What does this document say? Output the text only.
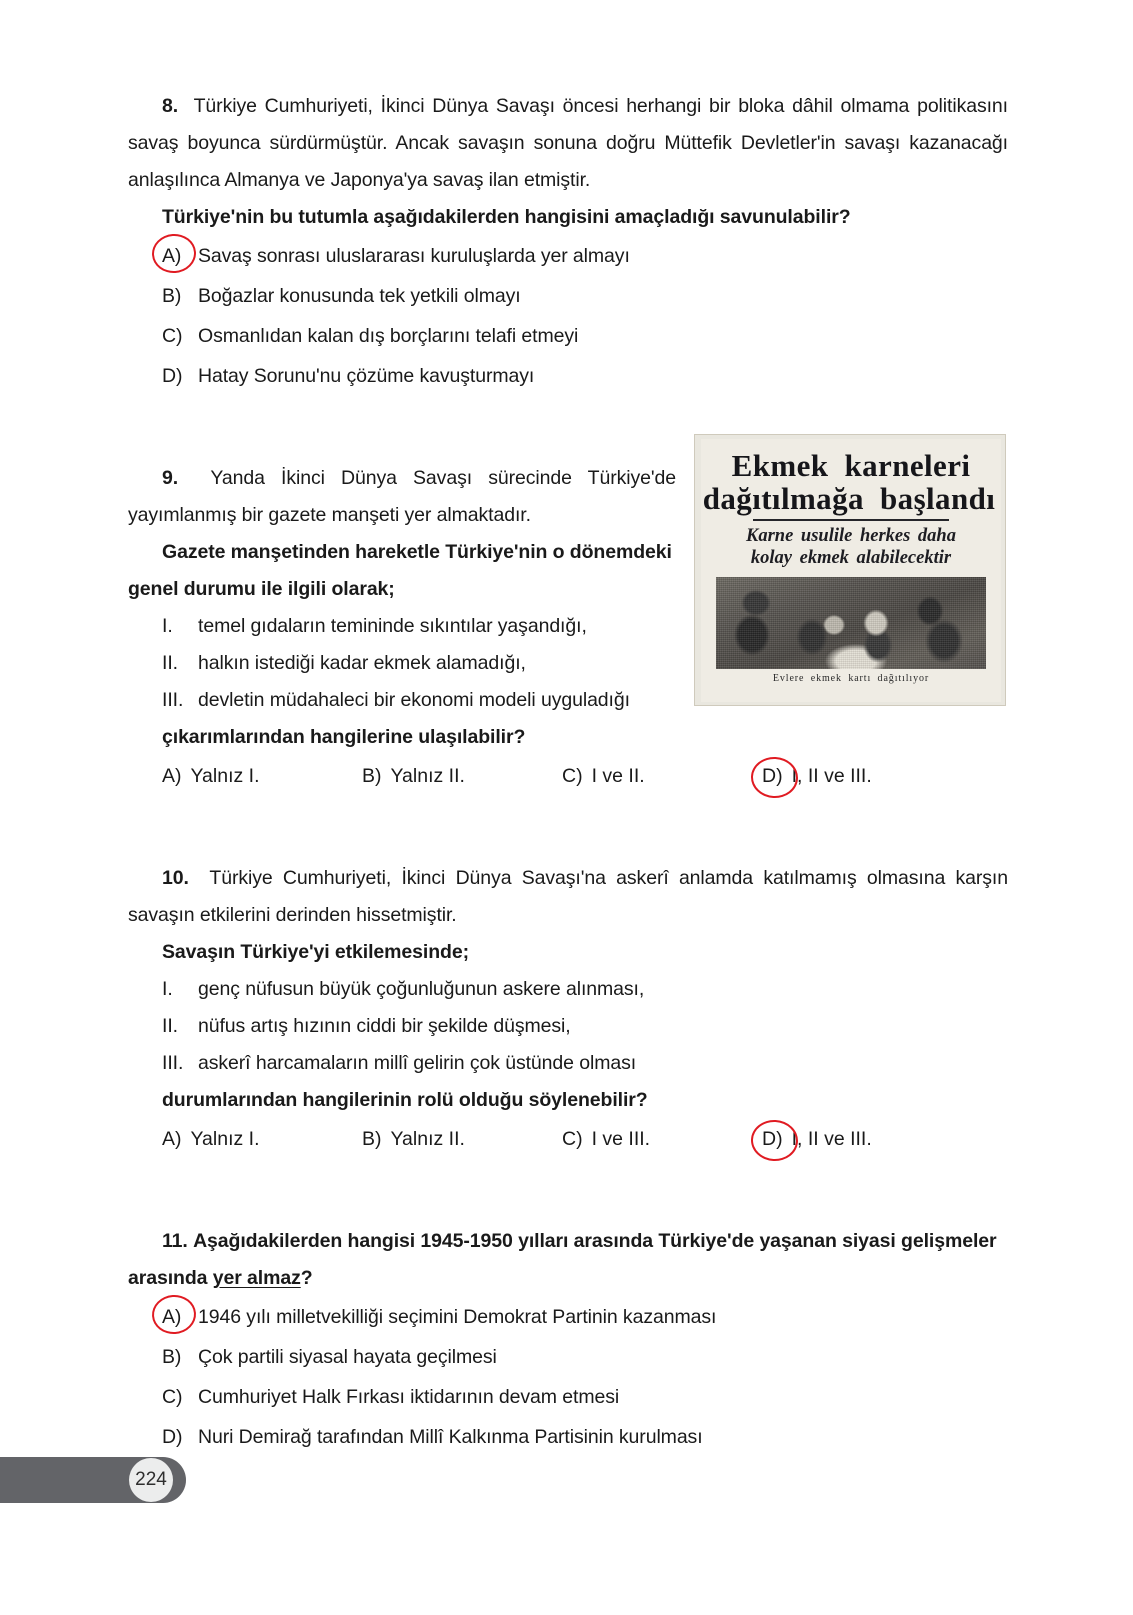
8. Türkiye Cumhuriyeti, İkinci Dünya Savaşı öncesi herhangi bir bloka dâhil olmama politikasını savaş boyunca sürdürmüştür. Ancak savaşın sonuna doğru Müttefik Devletler'in savaşı kazanacağı anlaşılınca Almanya ve Japonya'ya savaş ilan etmiştir.

Türkiye'nin bu tutumla aşağıdakilerden hangisini amaçladığı savunulabilir?

A) Savaş sonrası uluslararası kuruluşlarda yer almayı
B) Boğazlar konusunda tek yetkili olmayı
C) Osmanlıdan kalan dış borçlarını telafi etmeyi
D) Hatay Sorunu'nu çözüme kavuşturmayı

9. Yanda İkinci Dünya Savaşı sürecinde Türkiye'de yayımlanmış bir gazete manşeti yer almaktadır.

Gazete manşetinden hareketle Türkiye'nin o dönemdeki

genel durumu ile ilgili olarak;

I.	temel gıdaların temininde sıkıntılar yaşandığı,
II.	halkın istediği kadar ekmek alamadığı,
III. devletin müdahaleci bir ekonomi modeli uyguladığı

çıkarımlarından hangilerine ulaşılabilir?

A) Yalnız I.	B) Yalnız II.	C) I ve II.	D) I, II ve III.

10. Türkiye Cumhuriyeti, İkinci Dünya Savaşı'na askerî anlamda katılmamış olmasına karşın savaşın etkilerini derinden hissetmiştir.

Savaşın Türkiye'yi etkilemesinde;

I.	genç nüfusun büyük çoğunluğunun askere alınması,
II.	nüfus artış hızının ciddi bir şekilde düşmesi,
III. askerî harcamaların millî gelirin çok üstünde olması

durumlarından hangilerinin rolü olduğu söylenebilir?

A) Yalnız I.	B) Yalnız II.	C) I ve III.	D) I, II ve III.

11. Aşağıdakilerden hangisi 1945-1950 yılları arasında Türkiye'de yaşanan siyasi gelişmeler arasında yer almaz?

A) 1946 yılı milletvekilliği seçimini Demokrat Partinin kazanması
B) Çok partili siyasal hayata geçilmesi
C) Cumhuriyet Halk Fırkası iktidarının devam etmesi
D) Nuri Demirağ tarafından Millî Kalkınma Partisinin kurulması
Ekmek karneleri
dağıtılmağa başlandı
Karne usulile herkes daha
kolay ekmek alabilecektir
Evlere ekmek kartı dağıtılıyor
224
